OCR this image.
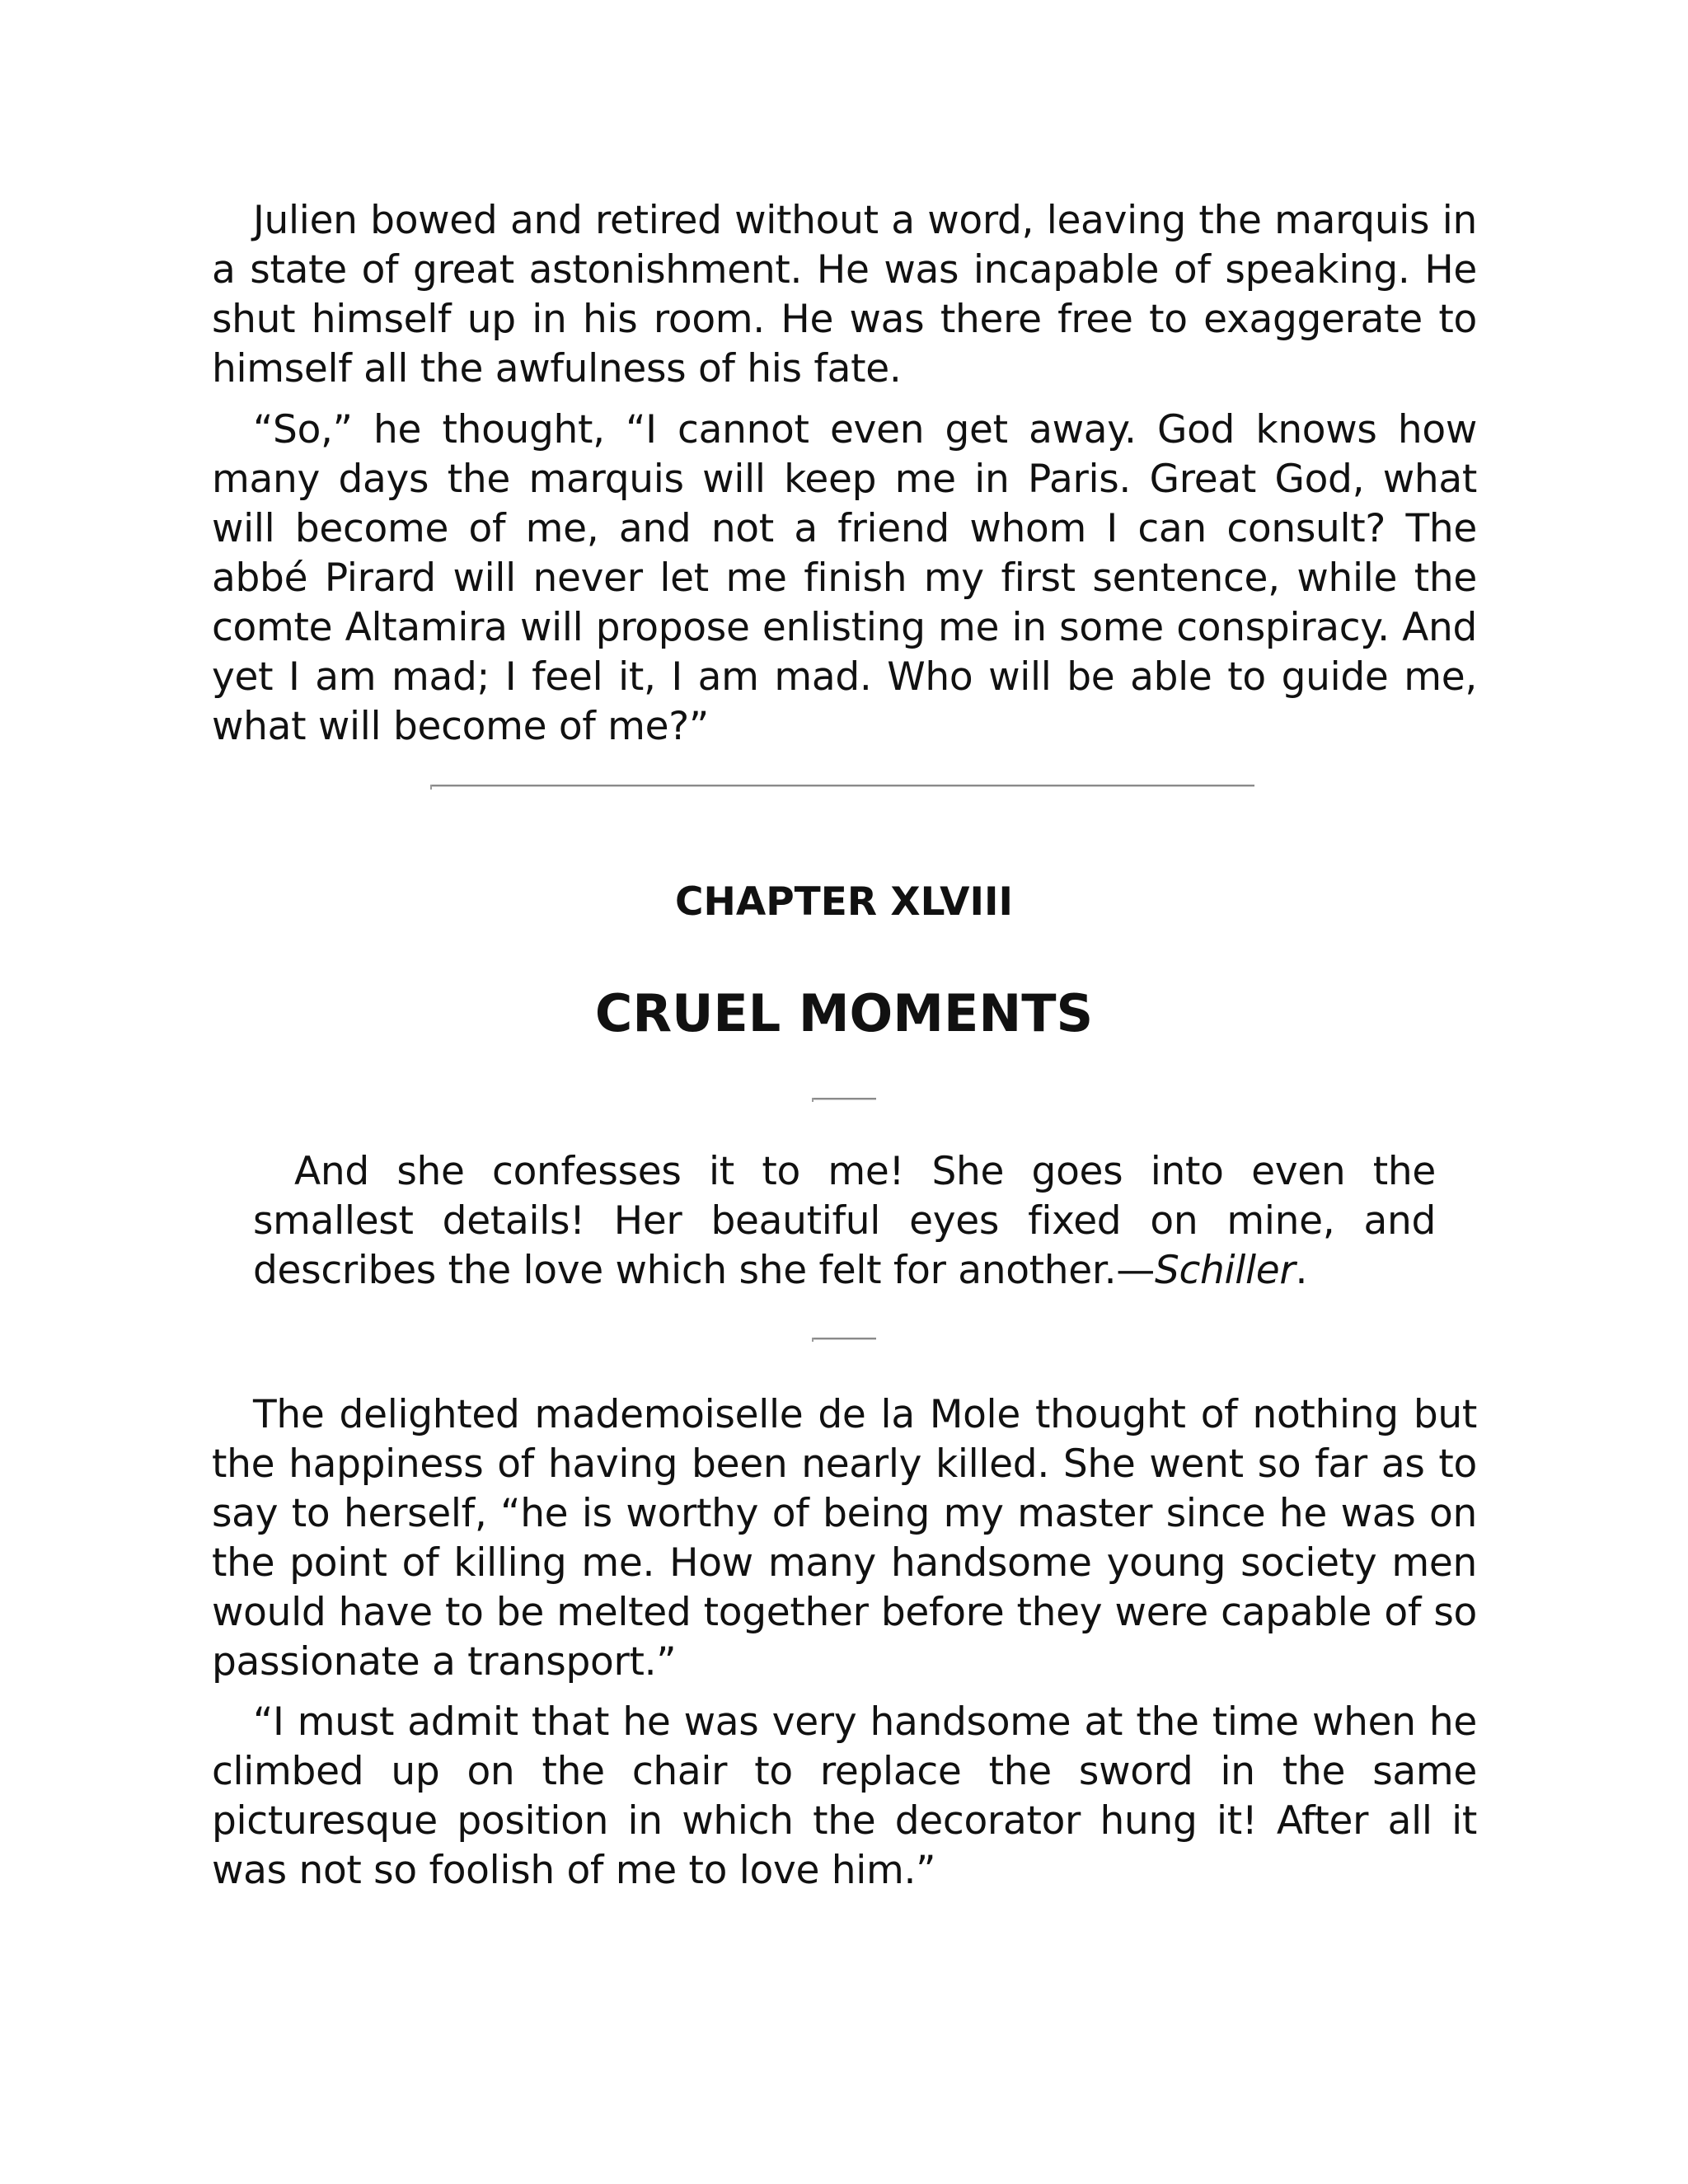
Julien bowed and retired without a word, leaving the marquis in a state of great astonishment. He was incapable of speaking. He shut himself up in his room. He was there free to exaggerate to himself all the awfulness of his fate.

“So,” he thought, “I cannot even get away. God knows how many days the marquis will keep me in Paris. Great God, what will become of me, and not a friend whom I can consult? The abbé Pirard will never let me finish my first sentence, while the comte Altamira will propose enlisting me in some conspiracy. And yet I am mad; I feel it, I am mad. Who will be able to guide me, what will become of me?”

CHAPTER XLVIII
CRUEL MOMENTS

And she confesses it to me! She goes into even the smallest details! Her beautiful eyes fixed on mine, and describes the love which she felt for another.—Schiller.

The delighted mademoiselle de la Mole thought of nothing but the happiness of having been nearly killed. She went so far as to say to herself, “he is worthy of being my master since he was on the point of killing me. How many handsome young society men would have to be melted together before they were capable of so passionate a transport.”

“I must admit that he was very handsome at the time when he climbed up on the chair to replace the sword in the same picturesque position in which the decorator hung it! After all it was not so foolish of me to love him.”
